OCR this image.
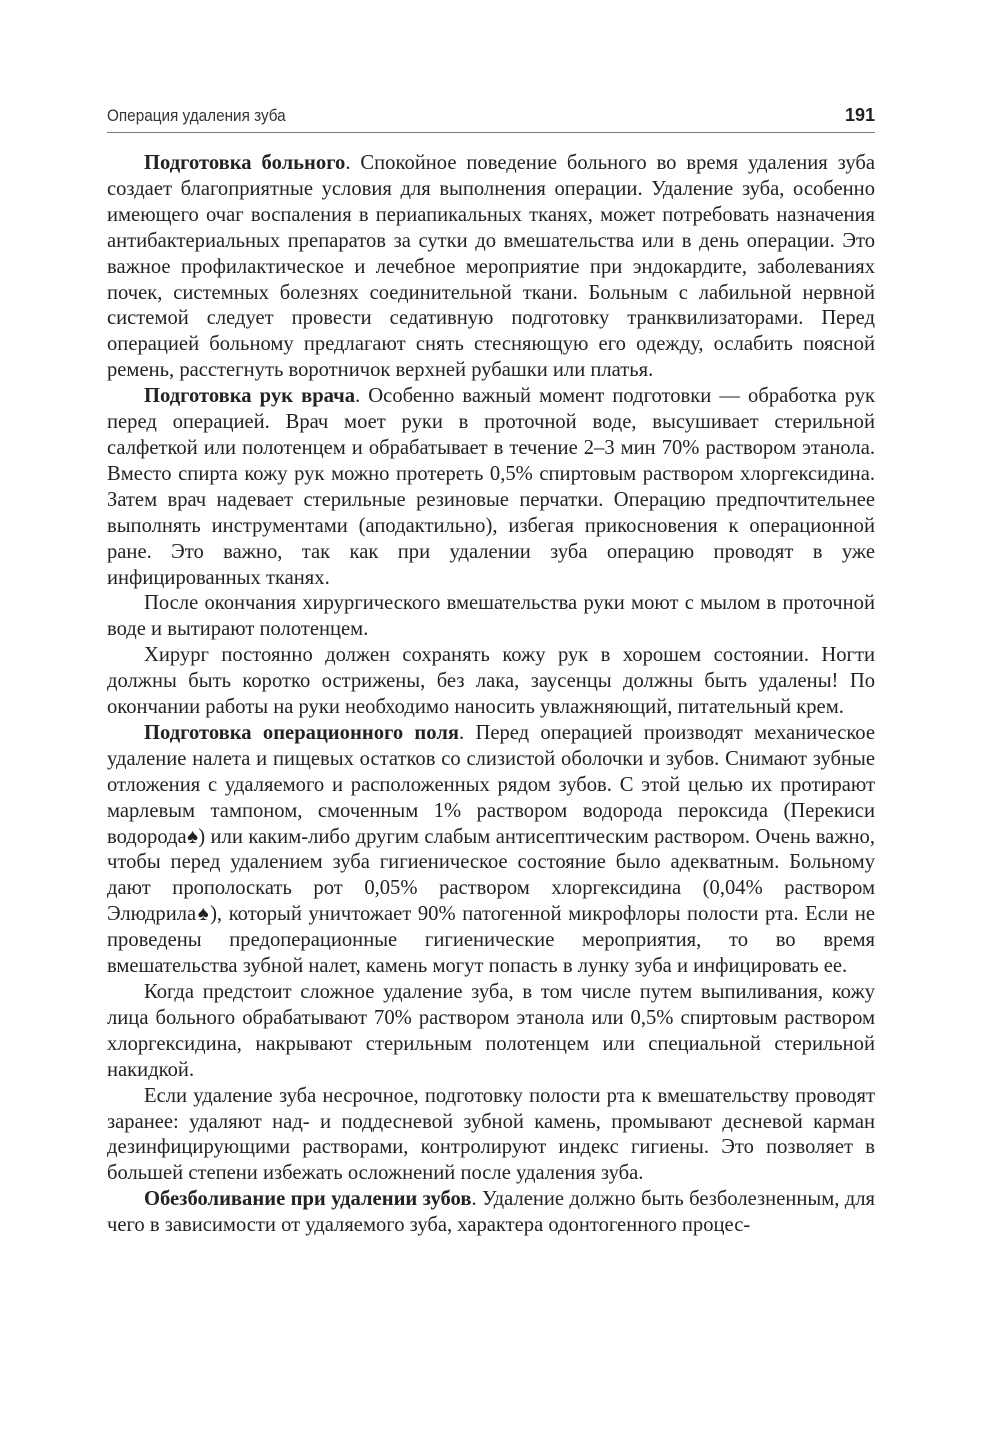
Операция удаления зуба	191

Подготовка больного. Спокойное поведение больного во время удаления зуба создает благоприятные условия для выполнения операции. Удаление зуба, особенно имеющего очаг воспаления в периапикальных тканях, может потребовать назначения антибактериальных препаратов за сутки до вмешательства или в день операции. Это важное профилактическое и лечебное мероприятие при эндокардите, заболеваниях почек, системных болезнях соединительной ткани. Больным с лабильной нервной системой следует провести седативную подготовку транквилизаторами. Перед операцией больному предлагают снять стесняющую его одежду, ослабить поясной ремень, расстегнуть воротничок верхней рубашки или платья.

Подготовка рук врача. Особенно важный момент подготовки — обработка рук перед операцией. Врач моет руки в проточной воде, высушивает стерильной салфеткой или полотенцем и обрабатывает в течение 2–3 мин 70% раствором этанола. Вместо спирта кожу рук можно протереть 0,5% спиртовым раствором хлоргексидина. Затем врач надевает стерильные резиновые перчатки. Операцию предпочтительнее выполнять инструментами (аподактильно), избегая прикосновения к операционной ране. Это важно, так как при удалении зуба операцию проводят в уже инфицированных тканях.

После окончания хирургического вмешательства руки моют с мылом в проточной воде и вытирают полотенцем.

Хирург постоянно должен сохранять кожу рук в хорошем состоянии. Ногти должны быть коротко острижены, без лака, заусенцы должны быть удалены! По окончании работы на руки необходимо наносить увлажняющий, питательный крем.

Подготовка операционного поля. Перед операцией производят механическое удаление налета и пищевых остатков со слизистой оболочки и зубов. Снимают зубные отложения с удаляемого и расположенных рядом зубов. С этой целью их протирают марлевым тампоном, смоченным 1% раствором водорода пероксида (Перекиси водорода♠) или каким-либо другим слабым антисептическим раствором. Очень важно, чтобы перед удалением зуба гигиеническое состояние было адекватным. Больному дают прополоскать рот 0,05% раствором хлоргексидина (0,04% раствором Элюдрила♠), который уничтожает 90% патогенной микрофлоры полости рта. Если не проведены предоперационные гигиенические мероприятия, то во время вмешательства зубной налет, камень могут попасть в лунку зуба и инфицировать ее.

Когда предстоит сложное удаление зуба, в том числе путем выпиливания, кожу лица больного обрабатывают 70% раствором этанола или 0,5% спиртовым раствором хлоргексидина, накрывают стерильным полотенцем или специальной стерильной накидкой.

Если удаление зуба несрочное, подготовку полости рта к вмешательству проводят заранее: удаляют над- и поддесневой зубной камень, промывают десневой карман дезинфицирующими растворами, контролируют индекс гигиены. Это позволяет в большей степени избежать осложнений после удаления зуба.

Обезболивание при удалении зубов. Удаление должно быть безболезненным, для чего в зависимости от удаляемого зуба, характера одонтогенного процес-
